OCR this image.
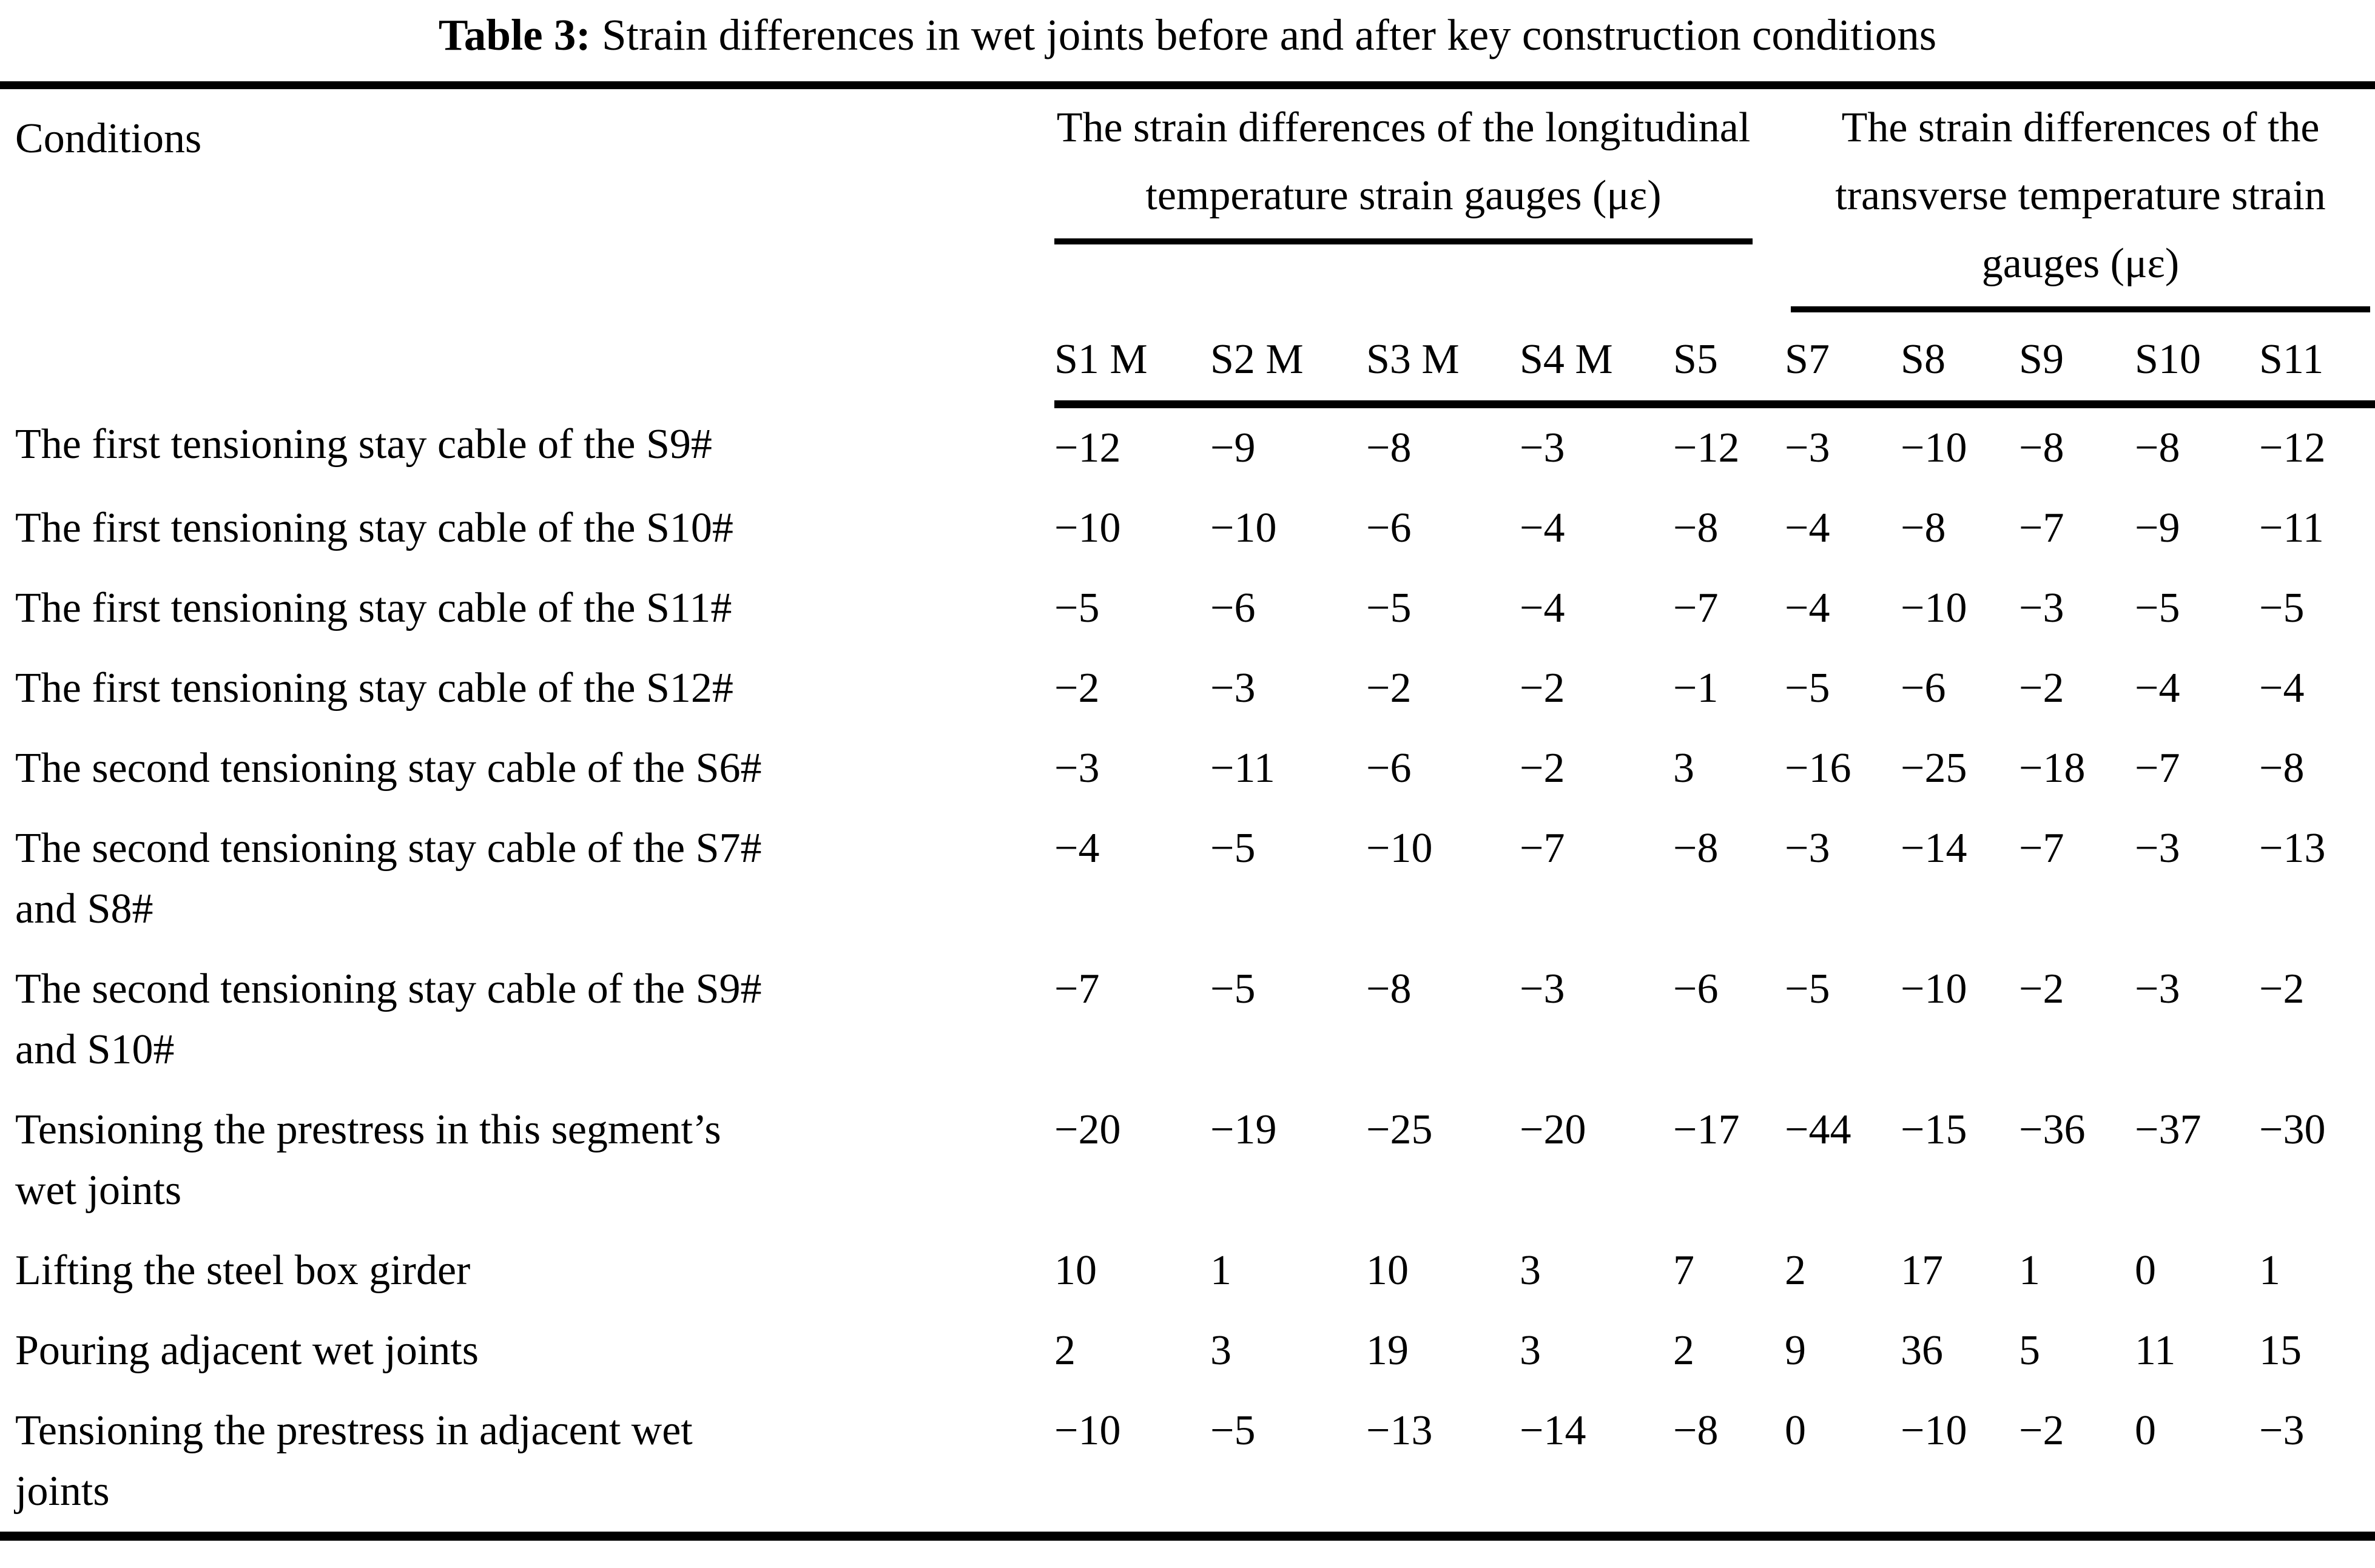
Table 3: Strain differences in wet joints before and after key construction conditions
Conditions	The strain differences of the longitudinal temperature strain gauges (με)					The strain differences of the transverse temperature strain gauges (με)				

	S1 M	S2 M	S3 M	S4 M	S5	S7	S8	S9	S10	S11

The first tensioning stay cable of the S9#	−12	−9	−8	−3	−12	−3	−10	−8	−8	−12

The first tensioning stay cable of the S10#	−10	−10	−6	−4	−8	−4	−8	−7	−9	−11

The first tensioning stay cable of the S11#	−5	−6	−5	−4	−7	−4	−10	−3	−5	−5

The first tensioning stay cable of the S12#	−2	−3	−2	−2	−1	−5	−6	−2	−4	−4

The second tensioning stay cable of the S6#	−3	−11	−6	−2	3	−16	−25	−18	−7	−8

The second tensioning stay cable of the S7#
and S8#	−4	−5	−10	−7	−8	−3	−14	−7	−3	−13

The second tensioning stay cable of the S9#
and S10#	−7	−5	−8	−3	−6	−5	−10	−2	−3	−2

Tensioning the prestress in this segment’s
wet joints	−20	−19	−25	−20	−17	−44	−15	−36	−37	−30

Lifting the steel box girder	10	1	10	3	7	2	17	1	0	1

Pouring adjacent wet joints	2	3	19	3	2	9	36	5	11	15

Tensioning the prestress in adjacent wet
joints	−10	−5	−13	−14	−8	0	−10	−2	0	−3
